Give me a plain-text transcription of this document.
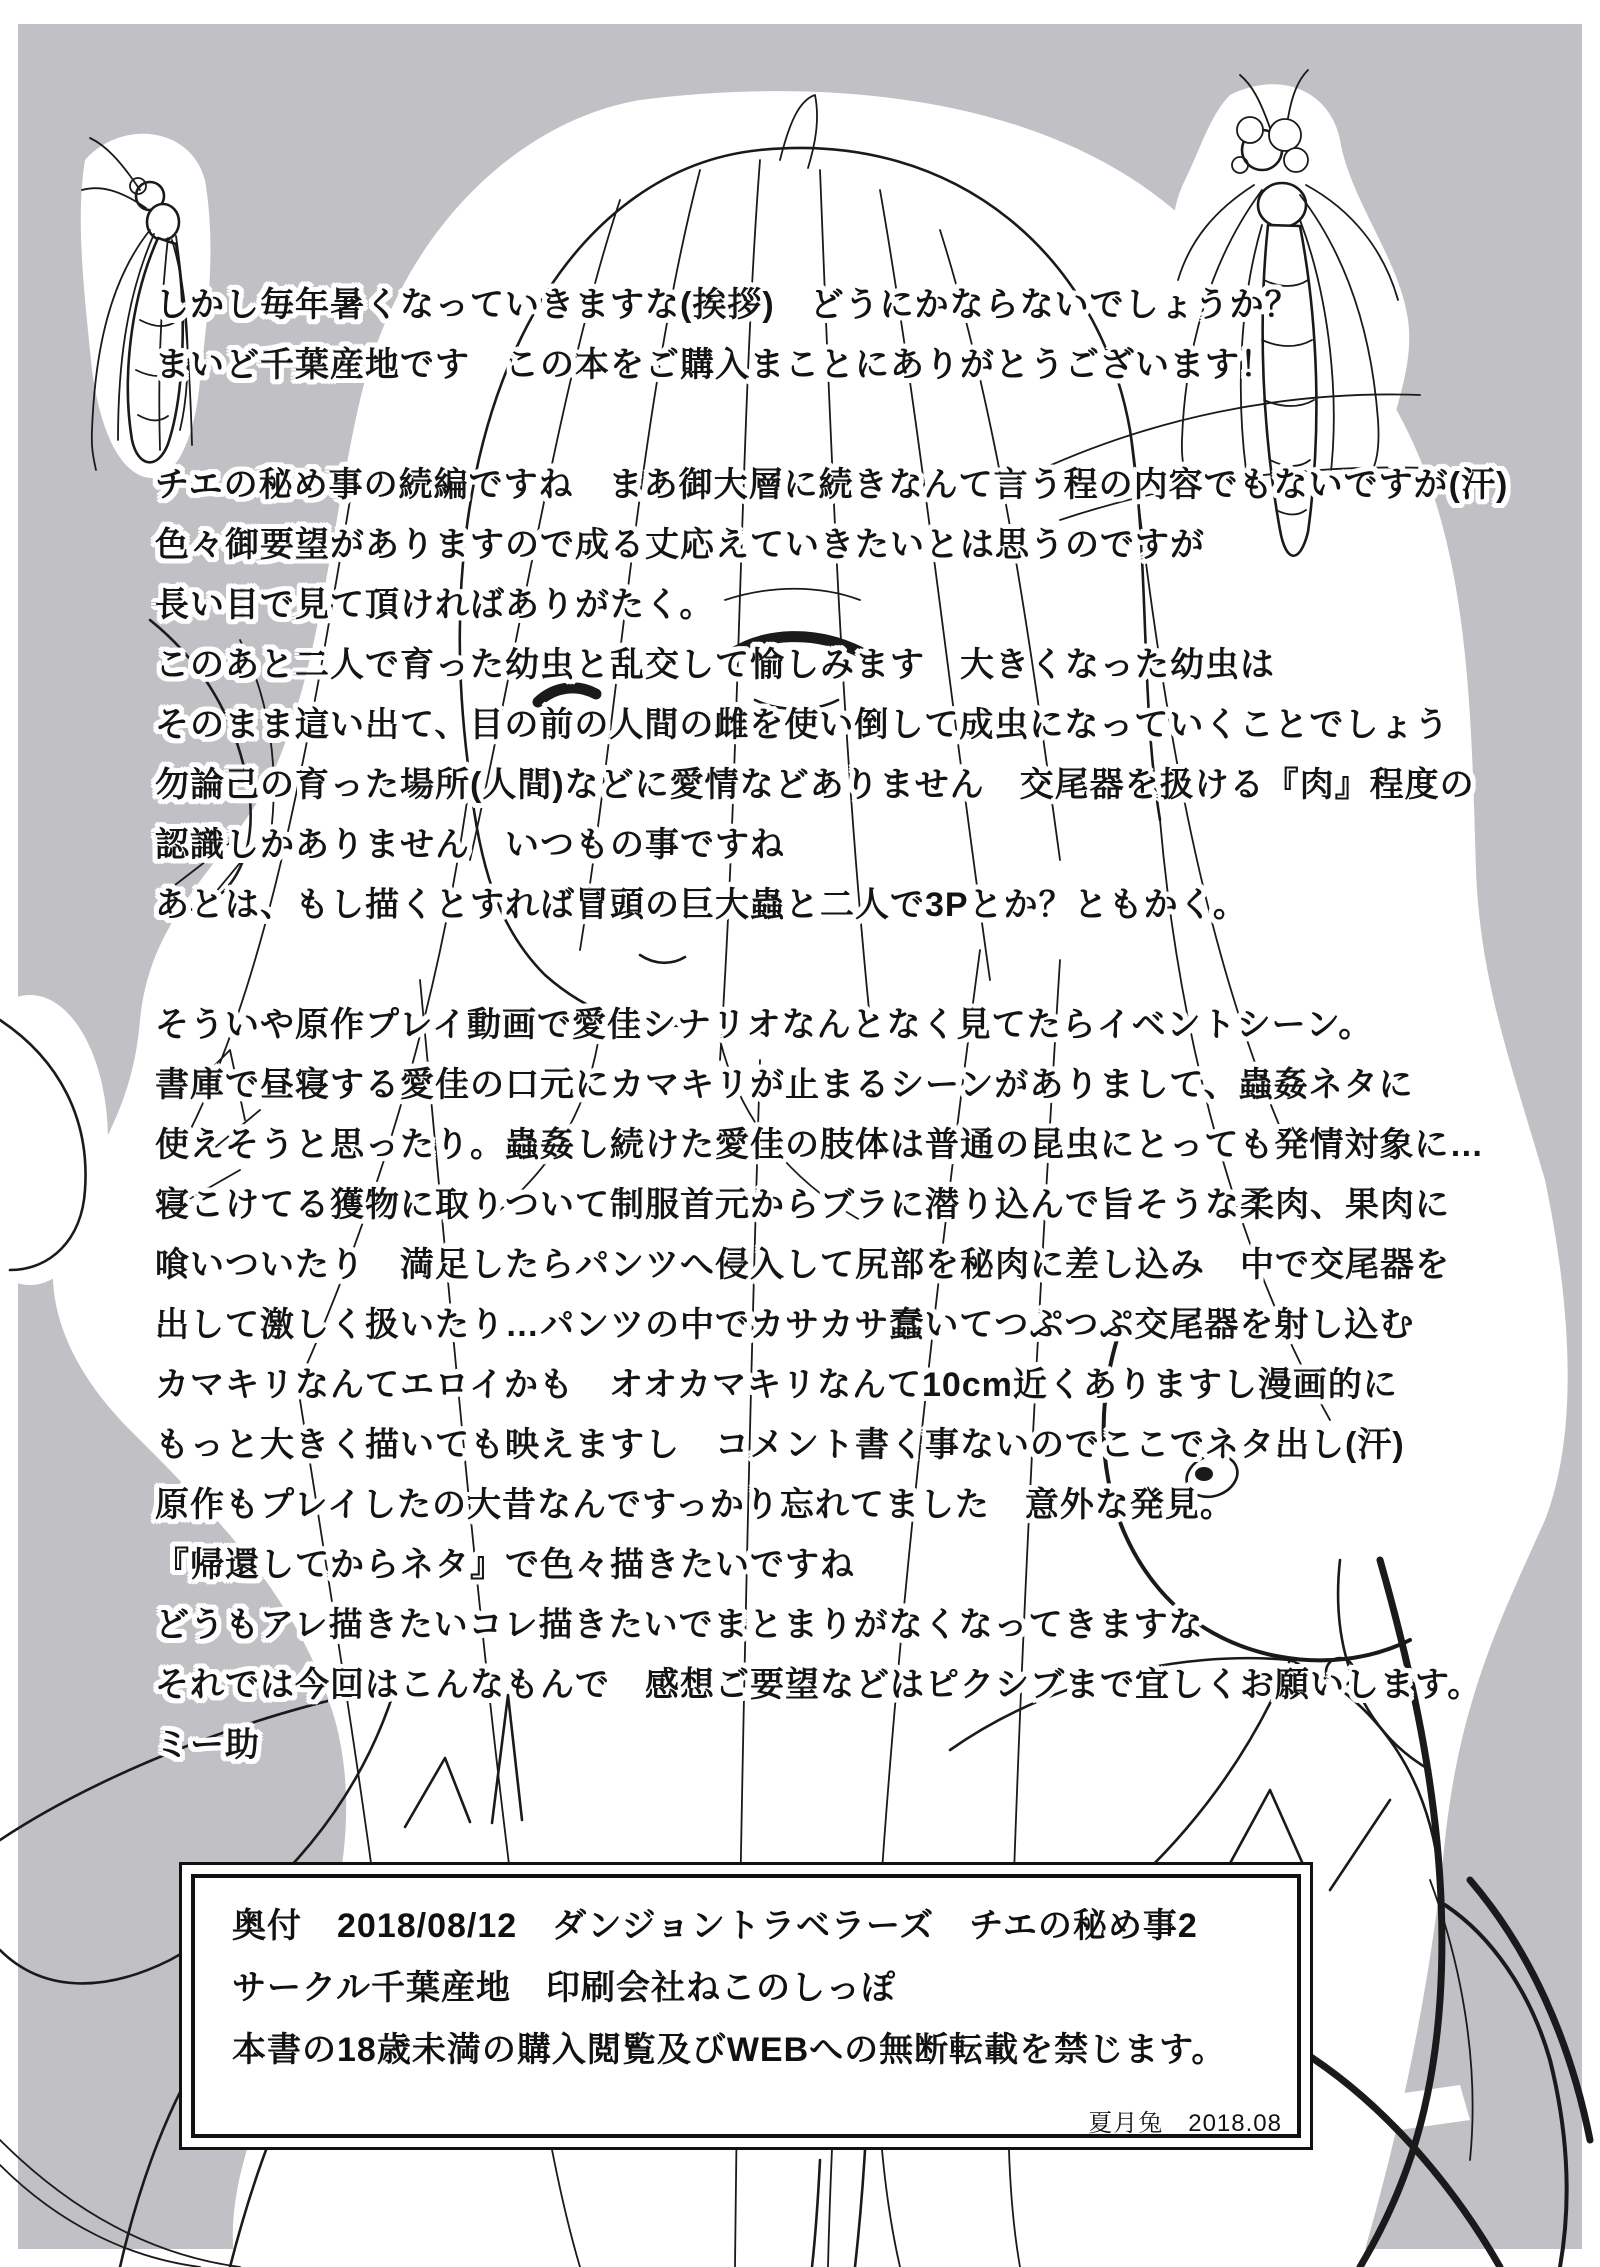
しかし毎年暑くなっていきますな(挨拶)　どうにかならないでしょうか？
まいど千葉産地です　この本をご購入まことにありがとうございます！
チエの秘め事の続編ですね　まあ御大層に続きなんて言う程の内容でもないですが(汗)
色々御要望がありますので成る丈応えていきたいとは思うのですが
長い目で見て頂ければありがたく。
このあと二人で育った幼虫と乱交して愉しみます　大きくなった幼虫は
そのまま這い出て、目の前の人間の雌を使い倒して成虫になっていくことでしょう
勿論己の育った場所(人間)などに愛情などありません　交尾器を扱ける『肉』程度の
認識しかありません　いつもの事ですね
あとは、もし描くとすれば冒頭の巨大蟲と二人で3Pとか？ともかく。
そういや原作プレイ動画で愛佳シナリオなんとなく見てたらイベントシーン。
書庫で昼寝する愛佳の口元にカマキリが止まるシーンがありまして、蟲姦ネタに
使えそうと思ったり。蟲姦し続けた愛佳の肢体は普通の昆虫にとっても発情対象に…
寝こけてる獲物に取りついて制服首元からブラに潜り込んで旨そうな柔肉、果肉に
喰いついたり　満足したらパンツへ侵入して尻部を秘肉に差し込み　中で交尾器を
出して激しく扱いたり…パンツの中でカサカサ蠢いてつぷつぷ交尾器を射し込む
カマキリなんてエロイかも　オオカマキリなんて10cm近くありますし漫画的に
もっと大きく描いても映えますし　コメント書く事ないのでここでネタ出し(汗)
原作もプレイしたの大昔なんですっかり忘れてました　意外な発見。
『帰還してからネタ』で色々描きたいですね
どうもアレ描きたいコレ描きたいでまとまりがなくなってきますな
それでは今回はこんなもんで　感想ご要望などはピクシブまで宜しくお願いします。
ミー助
奥付　2018/08/12　ダンジョントラベラーズ　チエの秘め事2
サークル千葉産地　印刷会社ねこのしっぽ
本書の18歳未満の購入閲覧及びWEBへの無断転載を禁じます。
夏月兔　2018.08
